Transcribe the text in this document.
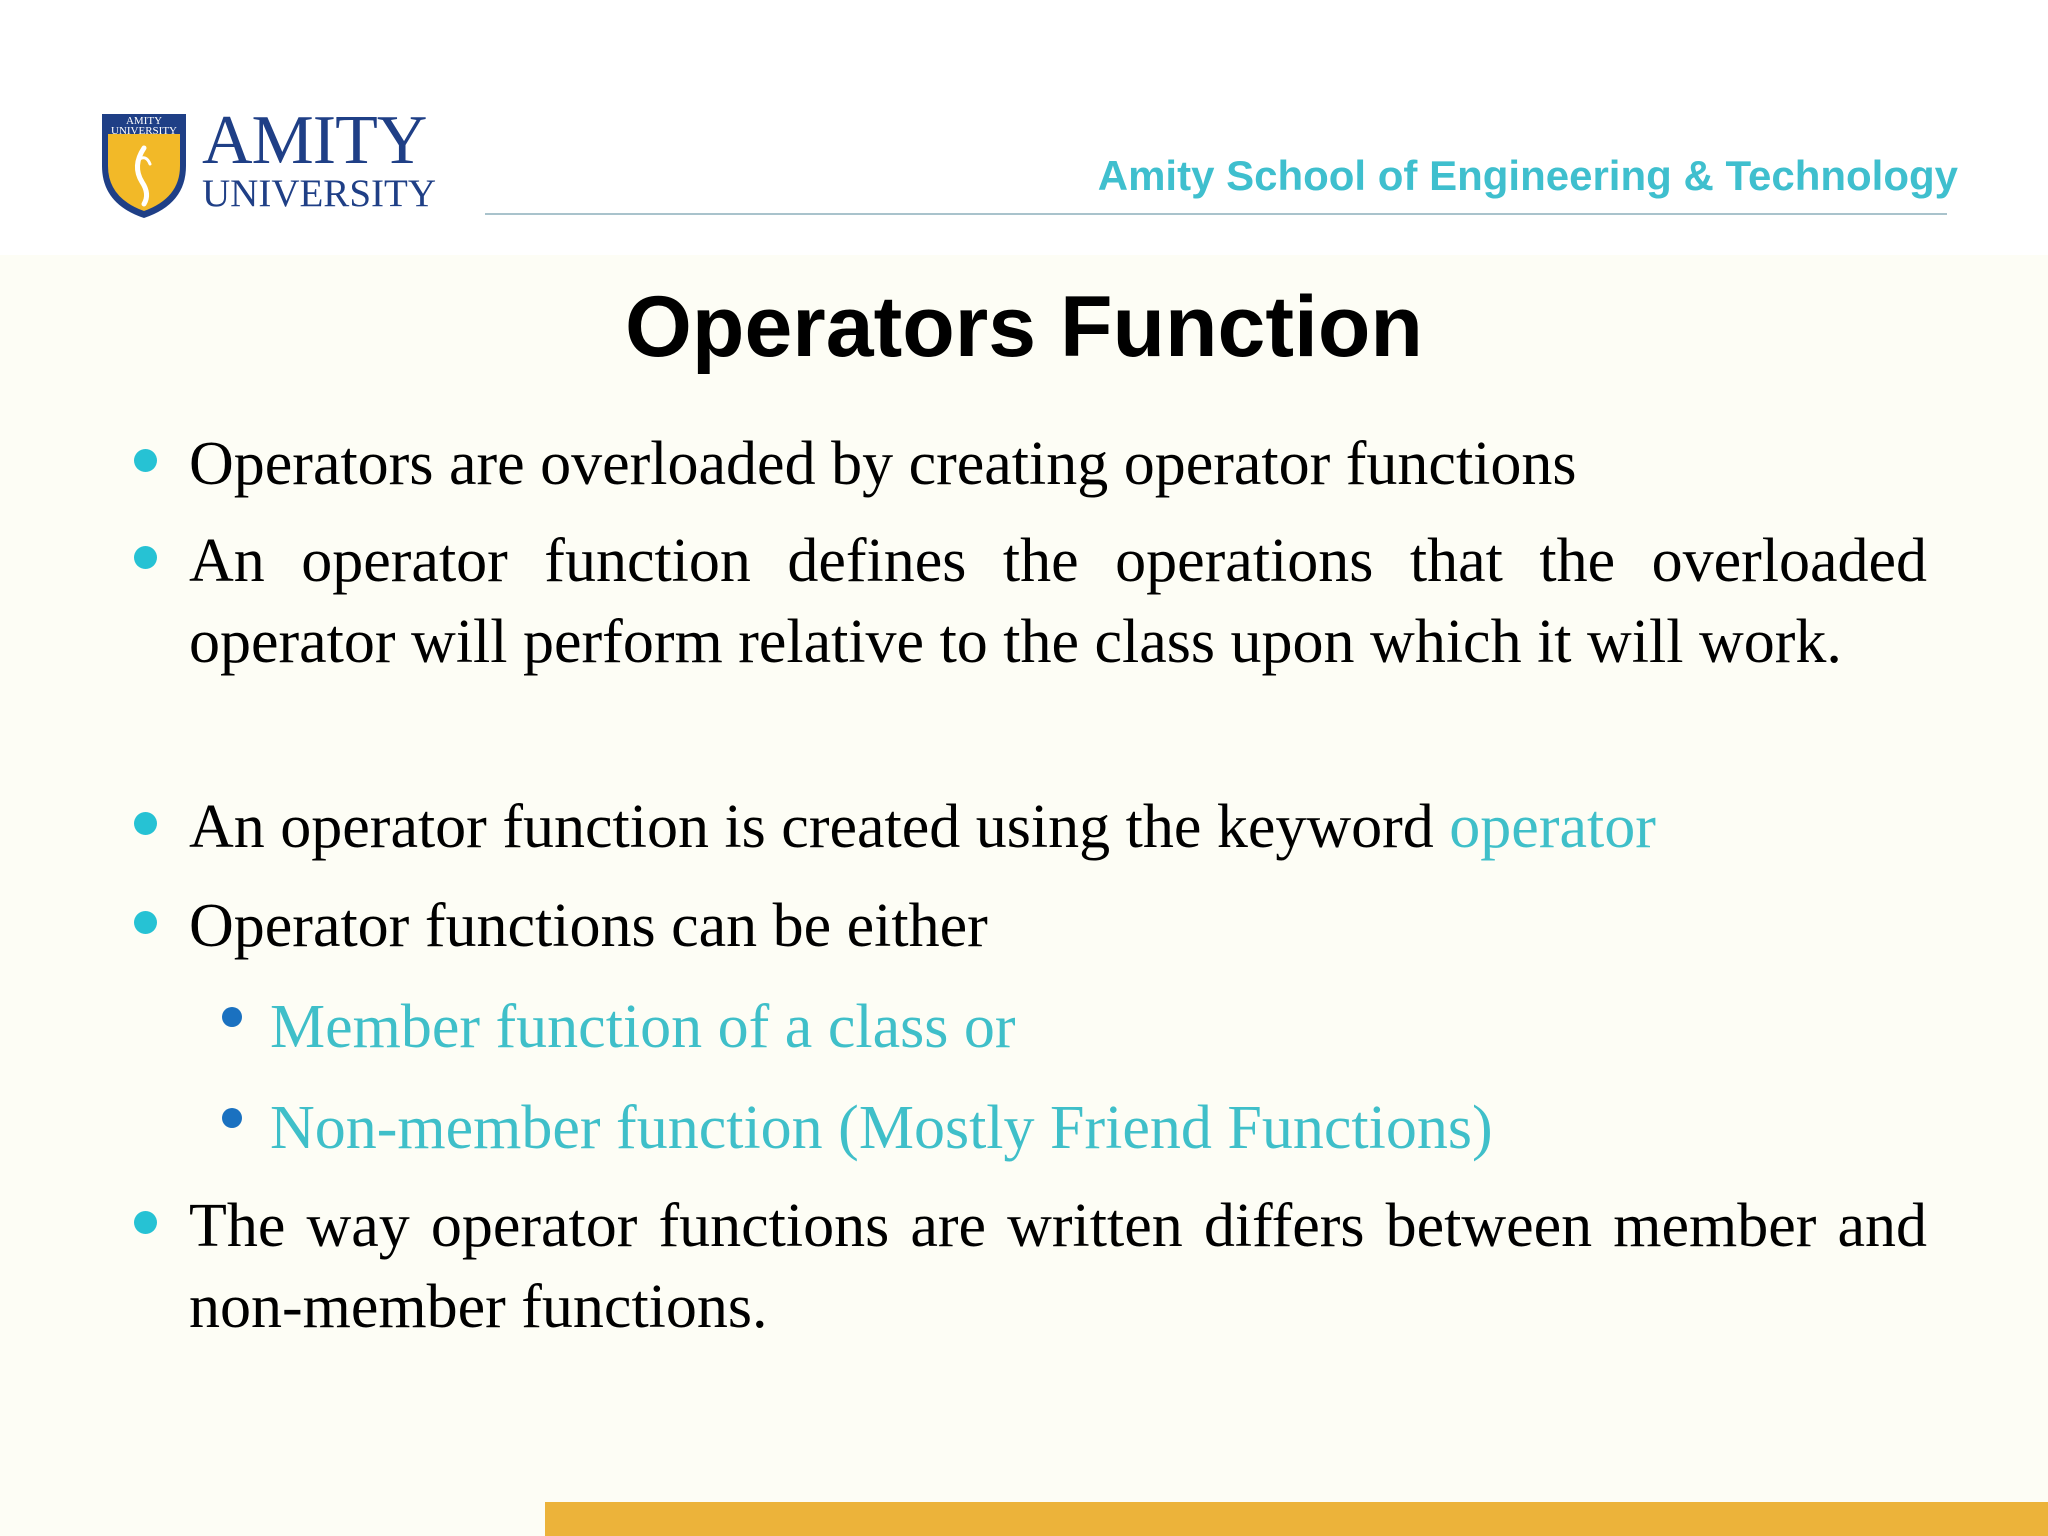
AMITY UNIVERSITY AMITY
UNIVERSITY	Amity School of Engineering & Technology
Operators Function
Operators are overloaded by creating operator functions
An operator function defines the operations that the overloaded operator will perform relative to the class upon which it will work.
An operator function is created using the keyword operator
Operator functions can be either
Member function of a class or
Non-member function (Mostly Friend Functions)
The way operator functions are written differs between member and non-member functions.
